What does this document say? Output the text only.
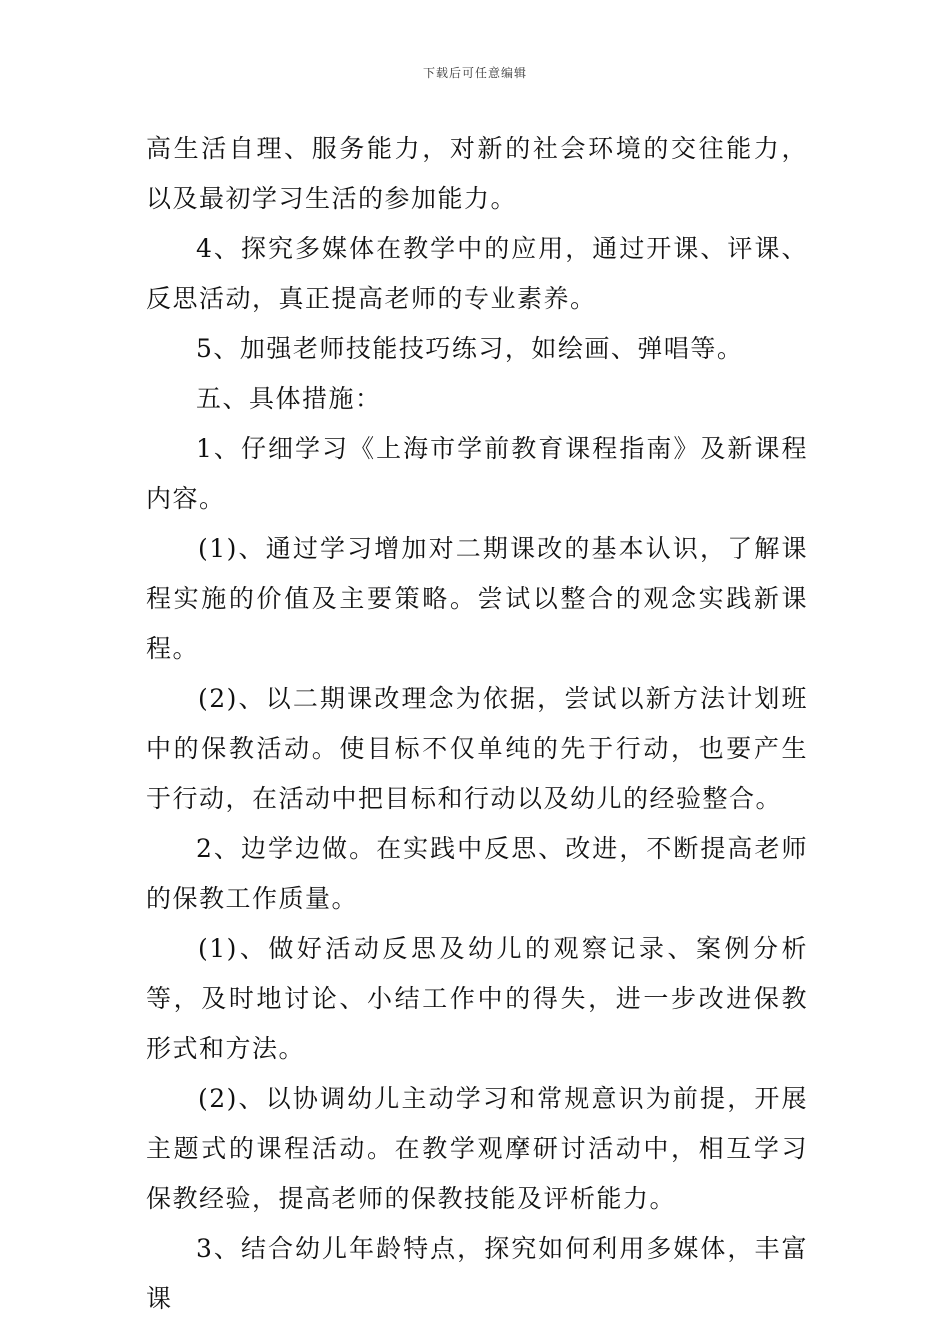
下载后可任意编辑

高生活自理、服务能力，对新的社会环境的交往能力，以及最初学习生活的参加能力。

4、探究多媒体在教学中的应用，通过开课、评课、反思活动，真正提高老师的专业素养。

5、加强老师技能技巧练习，如绘画、弹唱等。

五、具体措施：

1、仔细学习《上海市学前教育课程指南》及新课程内容。

(1)、通过学习增加对二期课改的基本认识，了解课程实施的价值及主要策略。尝试以整合的观念实践新课程。

(2)、以二期课改理念为依据，尝试以新方法计划班中的保教活动。使目标不仅单纯的先于行动，也要产生于行动，在活动中把目标和行动以及幼儿的经验整合。

2、边学边做。在实践中反思、改进，不断提高老师的保教工作质量。

(1)、做好活动反思及幼儿的观察记录、案例分析等，及时地讨论、小结工作中的得失，进一步改进保教形式和方法。

(2)、以协调幼儿主动学习和常规意识为前提，开展主题式的课程活动。在教学观摩研讨活动中，相互学习保教经验，提高老师的保教技能及评析能力。

3、结合幼儿年龄特点，探究如何利用多媒体，丰富课
